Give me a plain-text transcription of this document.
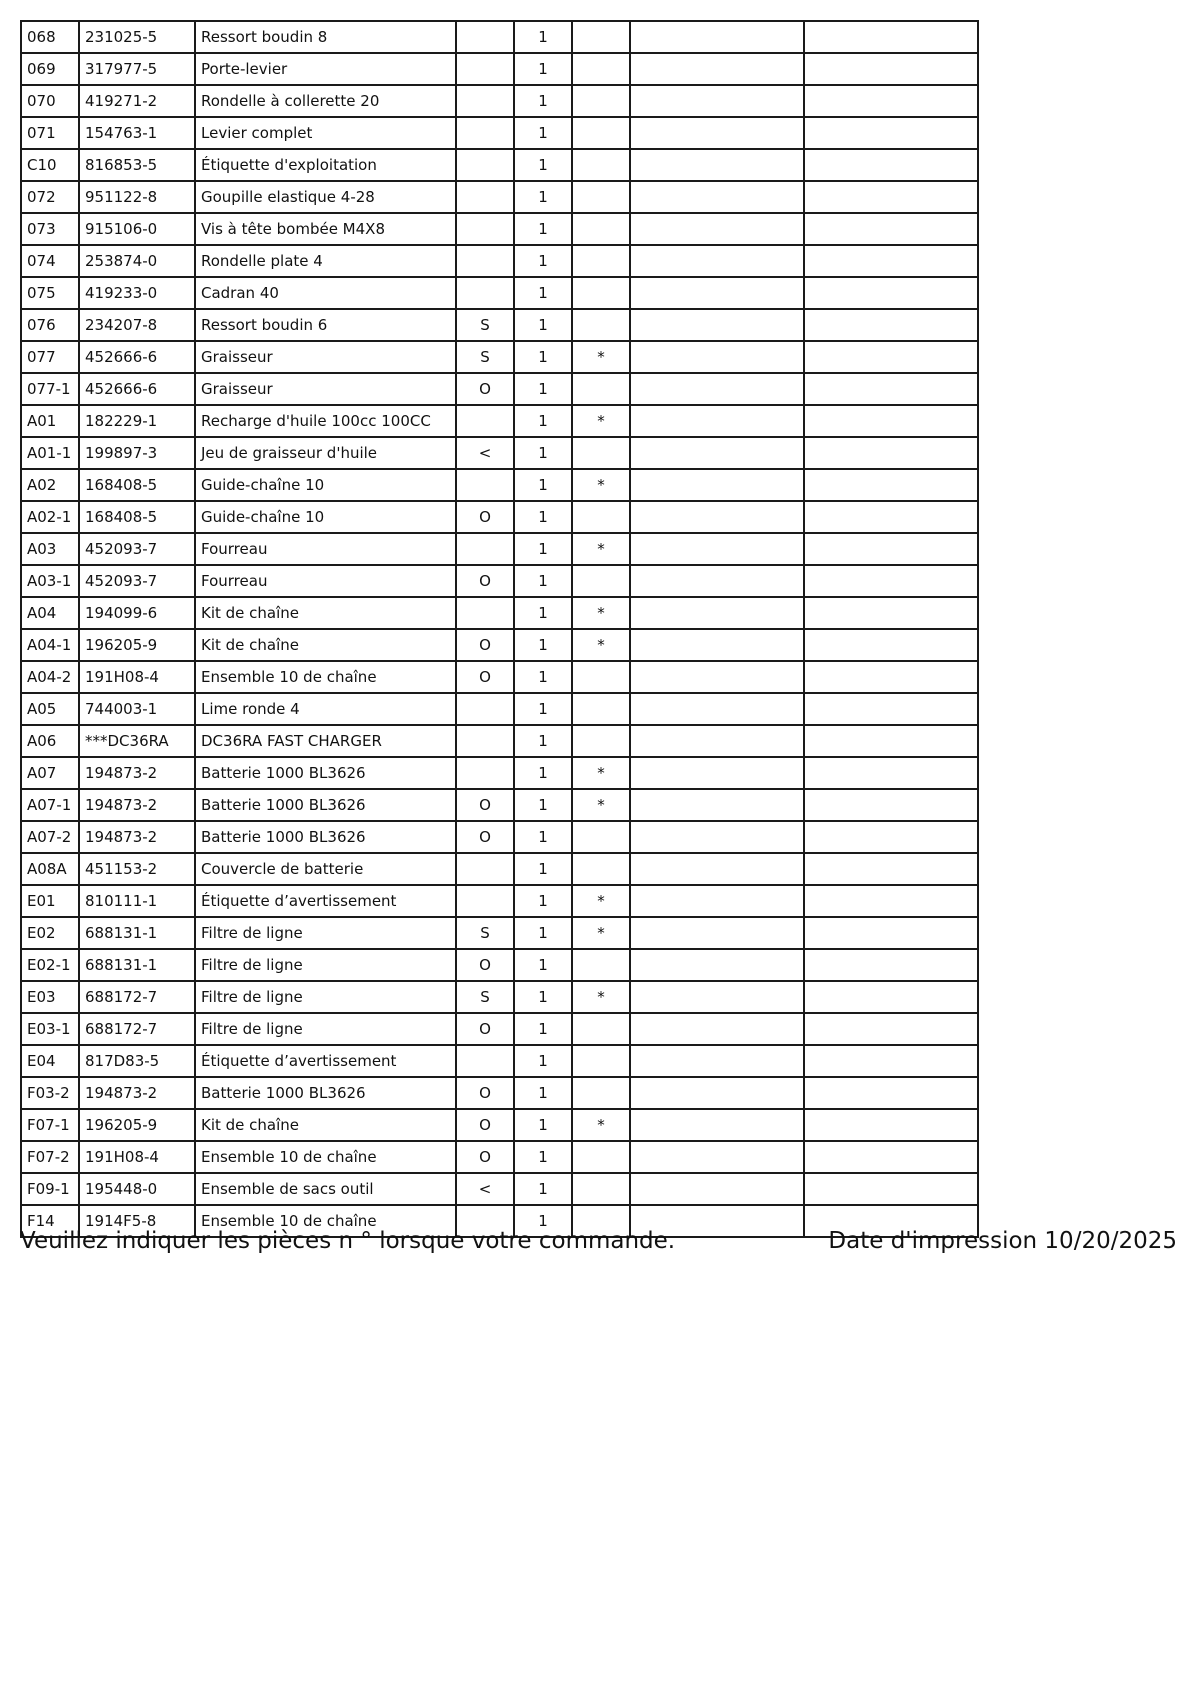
068	231025-5	Ressort boudin 8		1			
069	317977-5	Porte-levier		1			
070	419271-2	Rondelle à collerette 20		1			
071	154763-1	Levier complet		1			
C10	816853-5	Étiquette d'exploitation		1			
072	951122-8	Goupille elastique 4-28		1			
073	915106-0	Vis à tête bombée M4X8		1			
074	253874-0	Rondelle plate 4		1			
075	419233-0	Cadran 40		1			
076	234207-8	Ressort boudin 6	S	1			
077	452666-6	Graisseur	S	1	*		
077-1	452666-6	Graisseur	O	1			
A01	182229-1	Recharge d'huile 100cc 100CC		1	*		
A01-1	199897-3	Jeu de graisseur d'huile	<	1			
A02	168408-5	Guide-chaîne 10		1	*		
A02-1	168408-5	Guide-chaîne 10	O	1			
A03	452093-7	Fourreau		1	*		
A03-1	452093-7	Fourreau	O	1			
A04	194099-6	Kit de chaîne		1	*		
A04-1	196205-9	Kit de chaîne	O	1	*		
A04-2	191H08-4	Ensemble 10 de chaîne	O	1			
A05	744003-1	Lime ronde 4		1			
A06	***DC36RA	DC36RA FAST CHARGER		1			
A07	194873-2	Batterie 1000 BL3626		1	*		
A07-1	194873-2	Batterie 1000 BL3626	O	1	*		
A07-2	194873-2	Batterie 1000 BL3626	O	1			
A08A	451153-2	Couvercle de batterie		1			
E01	810111-1	Étiquette d’avertissement		1	*		
E02	688131-1	Filtre de ligne	S	1	*		
E02-1	688131-1	Filtre de ligne	O	1			
E03	688172-7	Filtre de ligne	S	1	*		
E03-1	688172-7	Filtre de ligne	O	1			
E04	817D83-5	Étiquette d’avertissement		1			
F03-2	194873-2	Batterie 1000 BL3626	O	1			
F07-1	196205-9	Kit de chaîne	O	1	*		
F07-2	191H08-4	Ensemble 10 de chaîne	O	1			
F09-1	195448-0	Ensemble de sacs outil	<	1			
F14	1914F5-8	Ensemble 10 de chaîne		1			
Veuillez indiquer les pièces n ° lorsque votre commande.	Date d'impression 10/20/2025
